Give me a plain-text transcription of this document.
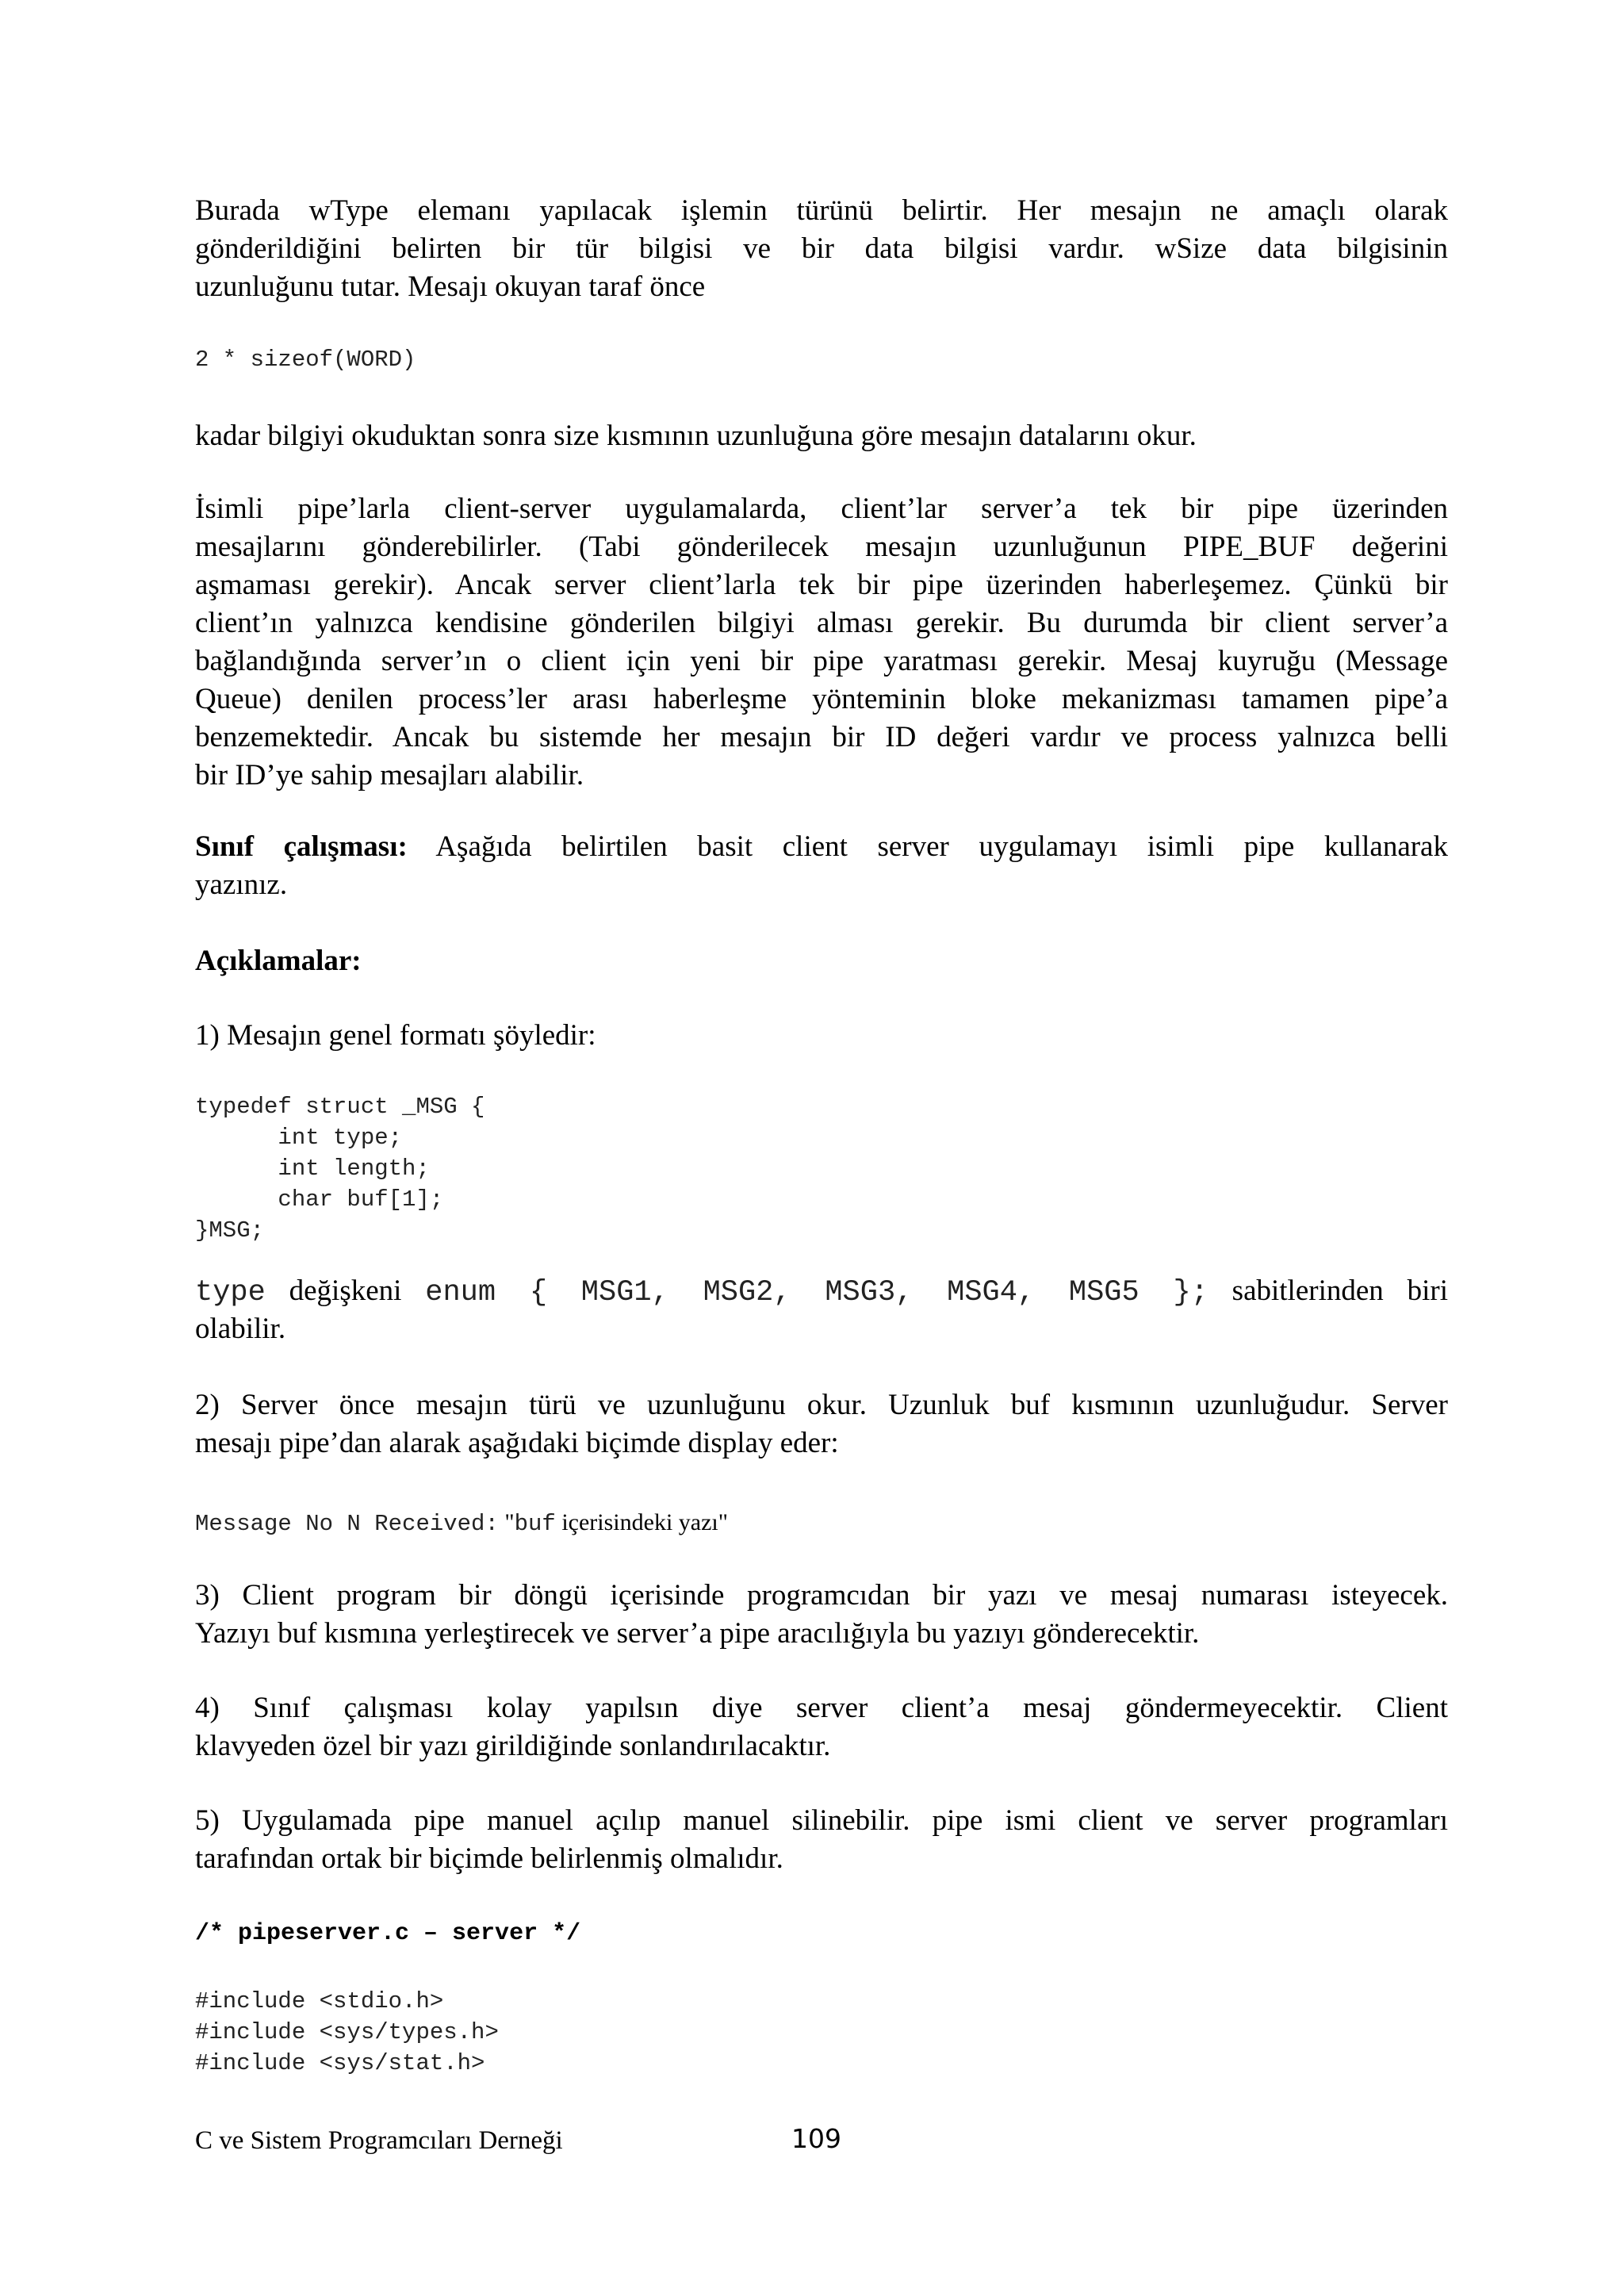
Burada wType elemanı yapılacak işlemin türünü belirtir. Her mesajın ne amaçlı olarak
gönderildiğini belirten bir tür bilgisi ve bir data bilgisi vardır. wSize data bilgisinin
uzunluğunu tutar. Mesajı okuyan taraf önce
2 * sizeof(WORD)
kadar bilgiyi okuduktan sonra size kısmının uzunluğuna göre mesajın datalarını okur.
İsimli pipe’larla client-server uygulamalarda, client’lar server’a tek bir pipe üzerinden
mesajlarını gönderebilirler. (Tabi gönderilecek mesajın uzunluğunun PIPE_BUF değerini
aşmaması gerekir). Ancak server client’larla tek bir pipe üzerinden haberleşemez. Çünkü bir
client’ın yalnızca kendisine gönderilen bilgiyi alması gerekir. Bu durumda bir client server’a
bağlandığında server’ın o client için yeni bir pipe yaratması gerekir. Mesaj kuyruğu (Message
Queue) denilen process’ler arası haberleşme yönteminin bloke mekanizması tamamen pipe’a
benzemektedir. Ancak bu sistemde her mesajın bir ID değeri vardır ve process yalnızca belli
bir ID’ye sahip mesajları alabilir.
Sınıf çalışması: Aşağıda belirtilen basit client server uygulamayı isimli pipe kullanarak
yazınız.
Açıklamalar:
1) Mesajın genel formatı şöyledir:
typedef struct _MSG {
int type;
int length;
char buf[1];
}MSG;
type değişkeni enum { MSG1, MSG2, MSG3, MSG4, MSG5 }; sabitlerinden biri
olabilir.
2) Server önce mesajın türü ve uzunluğunu okur. Uzunluk buf kısmının uzunluğudur. Server
mesajı pipe’dan alarak aşağıdaki biçimde display eder:
Message No N Received: "buf içerisindeki yazı"
3) Client program bir döngü içerisinde programcıdan bir yazı ve mesaj numarası isteyecek.
Yazıyı buf kısmına yerleştirecek ve server’a pipe aracılığıyla bu yazıyı gönderecektir.
4) Sınıf çalışması kolay yapılsın diye server client’a mesaj göndermeyecektir. Client
klavyeden özel bir yazı girildiğinde sonlandırılacaktır.
5) Uygulamada pipe manuel açılıp manuel silinebilir. pipe ismi client ve server programları
tarafından ortak bir biçimde belirlenmiş olmalıdır.
/* pipeserver.c – server */
#include <stdio.h>
#include <sys/types.h>
#include <sys/stat.h>
C ve Sistem Programcıları Derneği	109
